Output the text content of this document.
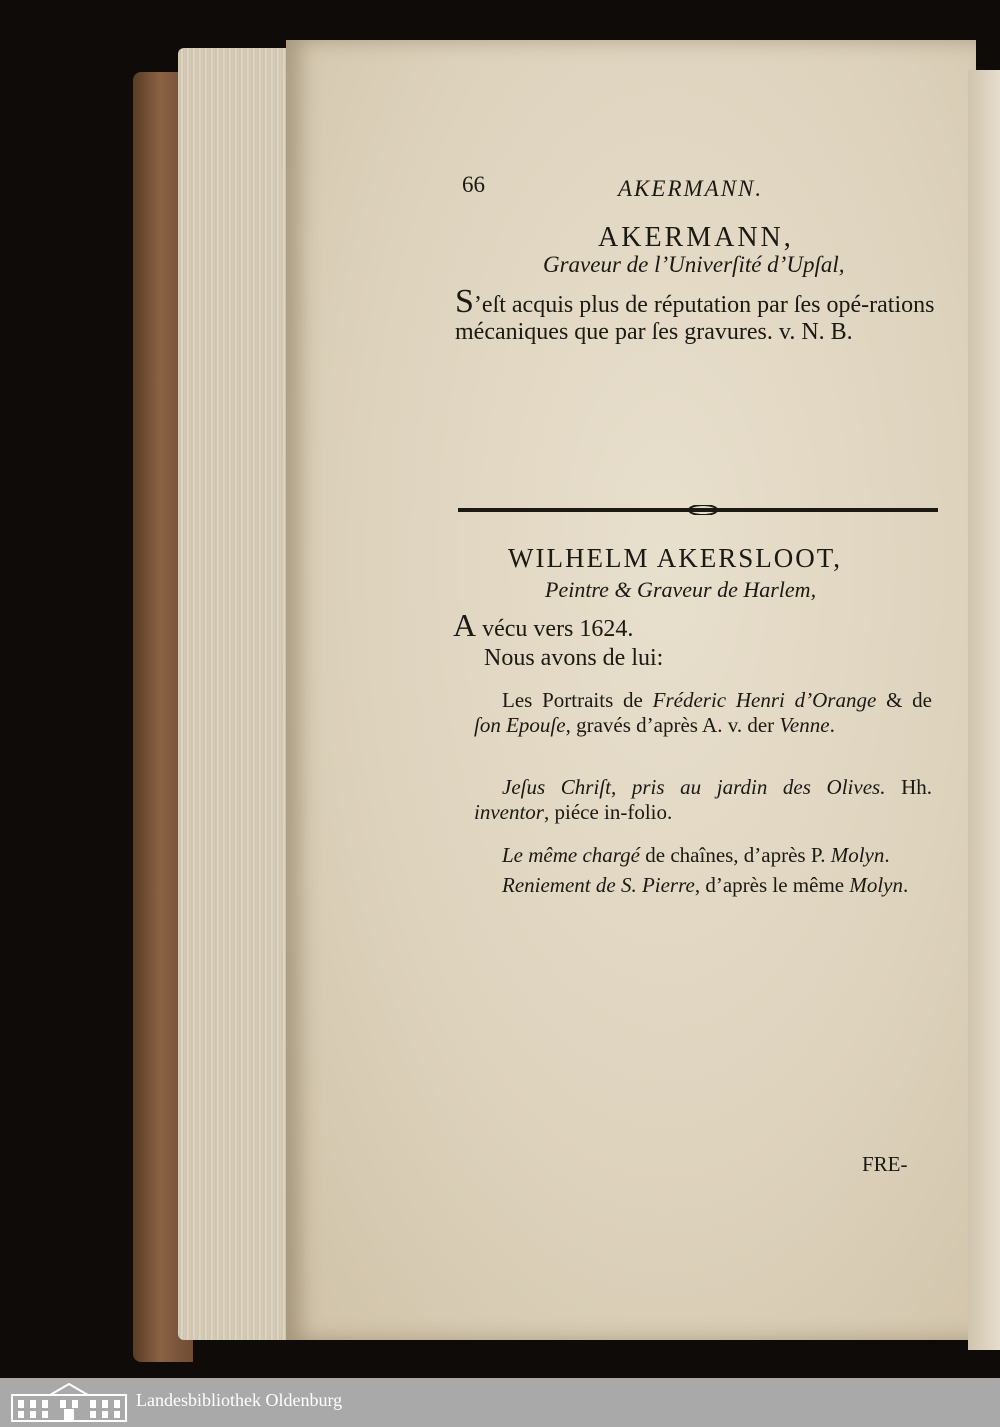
66	AKERMANN.
AKERMANN,
Graveur de l’Univerſité d’Upſal,
S’eſt acquis plus de réputation par ſes opé-rations mécaniques que par ſes gravures. v. N. B.
WILHELM AKERSLOOT,
Peintre & Graveur de Harlem,
A vécu vers 1624.
Nous avons de lui:
Les Portraits de Fréderic Henri d’Orange & de ſon Epouſe, gravés d’après A. v. der Venne.
Jeſus Chriſt, pris au jardin des Olives. Hh. inventor, piéce in-folio.
Le même chargé de chaînes, d’après P. Molyn.
Reniement de S. Pierre, d’après le même Molyn.
FRE-
Landesbibliothek Oldenburg
